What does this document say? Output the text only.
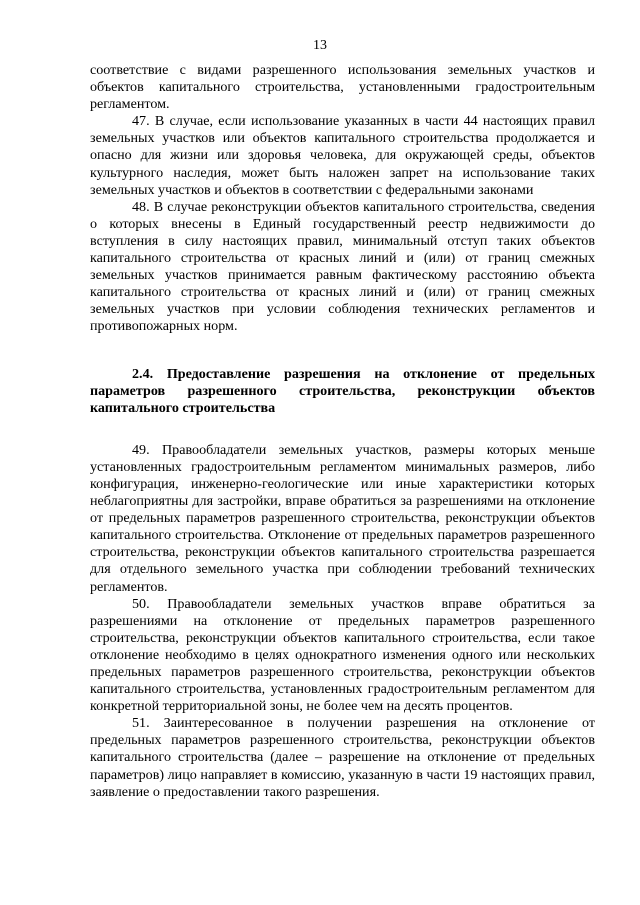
13

соответствие с видами разрешенного использования земельных участков и объектов капитального строительства, установленными градостроительным регламентом.

47. В случае, если использование указанных в части 44 настоящих правил земельных участков или объектов капитального строительства продолжается и опасно для жизни или здоровья человека, для окружающей среды, объектов культурного наследия, может быть наложен запрет на использование таких земельных участков и объектов в соответствии с федеральными законами

48. В случае реконструкции объектов капитального строительства, сведения о которых внесены в Единый государственный реестр недвижимости до вступления в силу настоящих правил, минимальный отступ таких объектов капитального строительства от красных линий и (или) от границ смежных земельных участков принимается равным фактическому расстоянию объекта капитального строительства от красных линий и (или) от границ смежных земельных участков при условии соблюдения технических регламентов и противопожарных норм.

2.4. Предоставление разрешения на отклонение от предельных параметров разрешенного строительства, реконструкции объектов капитального строительства

49. Правообладатели земельных участков, размеры которых меньше установленных градостроительным регламентом минимальных размеров, либо конфигурация, инженерно-геологические или иные характеристики которых неблагоприятны для застройки, вправе обратиться за разрешениями на отклонение от предельных параметров разрешенного строительства, реконструкции объектов капитального строительства. Отклонение от предельных параметров разрешенного строительства, реконструкции объектов капитального строительства разрешается для отдельного земельного участка при соблюдении требований технических регламентов.

50. Правообладатели земельных участков вправе обратиться за разрешениями на отклонение от предельных параметров разрешенного строительства, реконструкции объектов капитального строительства, если такое отклонение необходимо в целях однократного изменения одного или нескольких предельных параметров разрешенного строительства, реконструкции объектов капитального строительства, установленных градостроительным регламентом для конкретной территориальной зоны, не более чем на десять процентов.

51. Заинтересованное в получении разрешения на отклонение от предельных параметров разрешенного строительства, реконструкции объектов капитального строительства (далее – разрешение на отклонение от предельных параметров) лицо направляет в комиссию, указанную в части 19 настоящих правил, заявление о предоставлении такого разрешения.
